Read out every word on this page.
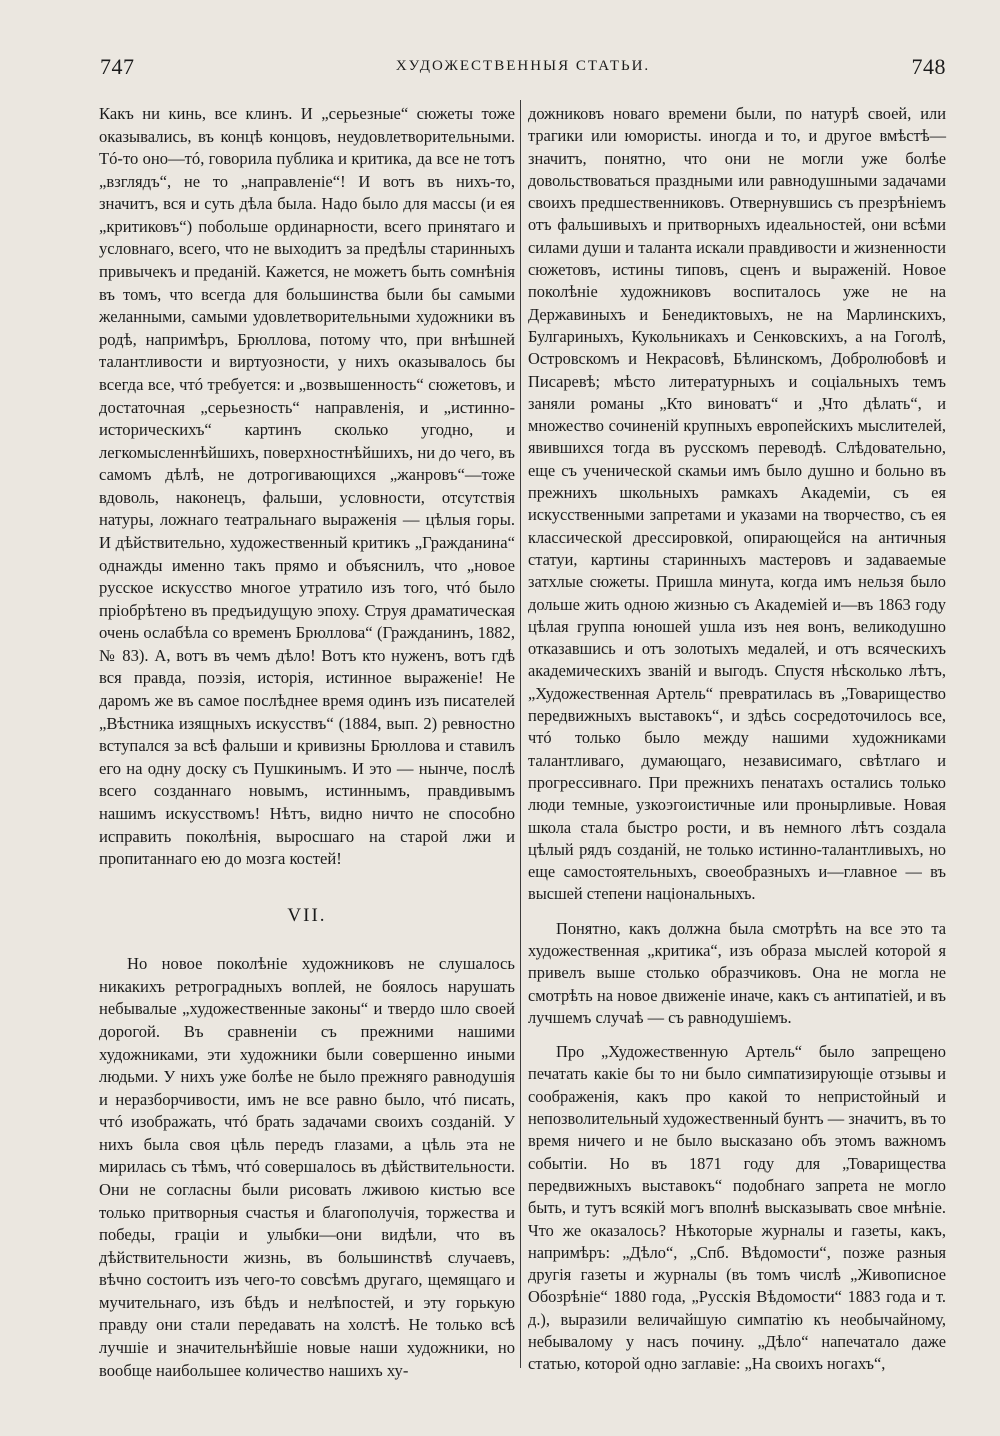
747	ХУДОЖЕСТВЕННЫЯ СТАТЬИ.	748

Какъ ни кинь, все клинъ. И „серьезные“ сюжеты тоже оказывались, въ концѣ концовъ, неудовлетворительными. Тó-то оно—тó, говорила публика и критика, да все не тотъ „взглядъ“, не то „направленіе“! И вотъ въ нихъ-то, значитъ, вся и суть дѣла была. Надо было для массы (и ея „критиковъ“) побольше ординарности, всего принятаго и условнаго, всего, что не выходитъ за предѣлы старинныхъ привычекъ и преданій. Кажется, не можетъ быть сомнѣнія въ томъ, что всегда для большинства были бы самыми желанными, самыми удовлетворительными художники въ родѣ, напримѣръ, Брюллова, потому что, при внѣшней талантливости и виртуозности, у нихъ оказывалось бы всегда все, чтó требуется: и „возвышенность“ сюжетовъ, и достаточная „серьезность“ направленія, и „истинно-историческихъ“ картинъ сколько угодно, и легкомысленнѣйшихъ, поверхностнѣйшихъ, ни до чего, въ самомъ дѣлѣ, не дотрогивающихся „жанровъ“—тоже вдоволь, наконецъ, фальши, условности, отсутствія натуры, ложнаго театральнаго выраженія — цѣлыя горы. И дѣйствительно, художественный критикъ „Гражданина“ однажды именно такъ прямо и объяснилъ, что „новое русское искусство многое утратило изъ того, чтó было пріобрѣтено въ предъидущую эпоху. Струя драматическая очень ослабѣла со временъ Брюллова“ (Гражданинъ, 1882, № 83). А, вотъ въ чемъ дѣло! Вотъ кто нуженъ, вотъ гдѣ вся правда, поэзія, исторія, истинное выраженіе! Не даромъ же въ самое послѣднее время одинъ изъ писателей „Вѣстника изящныхъ искусствъ“ (1884, вып. 2) ревностно вступался за всѣ фальши и кривизны Брюллова и ставилъ его на одну доску съ Пушкинымъ. И это — нынче, послѣ всего созданнаго новымъ, истиннымъ, правдивымъ нашимъ искусствомъ! Нѣтъ, видно ничто не способно исправить поколѣнія, выросшаго на старой лжи и пропитаннаго ею до мозга костей!

VII.

Но новое поколѣніе художниковъ не слушалось никакихъ ретроградныхъ воплей, не боялось нарушать небывалые „художественные законы“ и твердо шло своей дорогой. Въ сравненіи съ прежними нашими художниками, эти художники были совершенно иными людьми. У нихъ уже болѣе не было прежняго равнодушія и неразборчивости, имъ не все равно было, чтó писать, чтó изображать, чтó брать задачами своихъ созданій. У нихъ была своя цѣль передъ глазами, а цѣль эта не мирилась съ тѣмъ, чтó совершалось въ дѣйствительности. Они не согласны были рисовать лживою кистью все только притворныя счастья и благополучія, торжества и победы, граціи и улыбки—они видѣли, что въ дѣйствительности жизнь, въ большинствѣ случаевъ, вѣчно состоитъ изъ чего-то совсѣмъ другаго, щемящаго и мучительнаго, изъ бѣдъ и нелѣпостей, и эту горькую правду они стали передавать на холстѣ. Не только всѣ лучшіе и значительнѣйшіе новые наши художники, но вообще наибольшее количество нашихъ ху-

дожниковъ новаго времени были, по натурѣ своей, или трагики или юмористы. иногда и то, и другое вмѣстѣ—значитъ, понятно, что они не могли уже болѣе довольствоваться праздными или равнодушными задачами своихъ предшественниковъ. Отвернувшись съ презрѣніемъ отъ фальшивыхъ и притворныхъ идеальностей, они всѣми силами души и таланта искали правдивости и жизненности сюжетовъ, истины типовъ, сценъ и выраженій. Новое поколѣніе художниковъ воспиталось уже не на Державиныхъ и Бенедиктовыхъ, не на Марлинскихъ, Булгариныхъ, Кукольникахъ и Сенковскихъ, а на Гоголѣ, Островскомъ и Некрасовѣ, Бѣлинскомъ, Добролюбовѣ и Писаревѣ; мѣсто литературныхъ и соціальныхъ темъ заняли романы „Кто виноватъ“ и „Что дѣлать“, и множество сочиненій крупныхъ европейскихъ мыслителей, явившихся тогда въ русскомъ переводѣ. Слѣдовательно, еще съ ученической скамьи имъ было душно и больно въ прежнихъ школьныхъ рамкахъ Академіи, съ ея искусственными запретами и указами на творчество, съ ея классической дрессировкой, опирающейся на античныя статуи, картины старинныхъ мастеровъ и задаваемые затхлые сюжеты. Пришла минута, когда имъ нельзя было дольше жить одною жизнью съ Академіей и—въ 1863 году цѣлая группа юношей ушла изъ нея вонъ, великодушно отказавшись и отъ золотыхъ медалей, и отъ всяческихъ академическихъ званій и выгодъ. Спустя нѣсколько лѣтъ, „Художественная Артель“ превратилась въ „Товарищество передвижныхъ выставокъ“, и здѣсь сосредоточилось все, чтó только было между нашими художниками талантливаго, думающаго, независимаго, свѣтлаго и прогрессивнаго. При прежнихъ пенатахъ остались только люди темные, узкоэгоистичные или пронырливые. Новая школа стала быстро рости, и въ немного лѣтъ создала цѣлый рядъ созданій, не только истинно-талантливыхъ, но еще самостоятельныхъ, своеобразныхъ и—главное — въ высшей степени національныхъ.

Понятно, какъ должна была смотрѣть на все это та художественная „критика“, изъ образа мыслей которой я привелъ выше столько образчиковъ. Она не могла не смотрѣть на новое движеніе иначе, какъ съ антипатіей, и въ лучшемъ случаѣ — съ равнодушіемъ.

Про „Художественную Артель“ было запрещено печатать какіе бы то ни было симпатизирующіе отзывы и соображенія, какъ про какой то непристойный и непозволительный художественный бунтъ — значитъ, въ то время ничего и не было высказано объ этомъ важномъ событіи. Но въ 1871 году для „Товарищества передвижныхъ выставокъ“ подобнаго запрета не могло быть, и тутъ всякій могъ вполнѣ высказывать свое мнѣніе. Что же оказалось? Нѣкоторые журналы и газеты, какъ, напримѣръ: „Дѣло“, „Спб. Вѣдомости“, позже разныя другія газеты и журналы (въ томъ числѣ „Живописное Обозрѣніе“ 1880 года, „Русскія Вѣдомости“ 1883 года и т. д.), выразили величайшую симпатію къ необычайному, небывалому у насъ почину. „Дѣло“ напечатало даже статью, которой одно заглавіе: „На своихъ ногахъ“,
